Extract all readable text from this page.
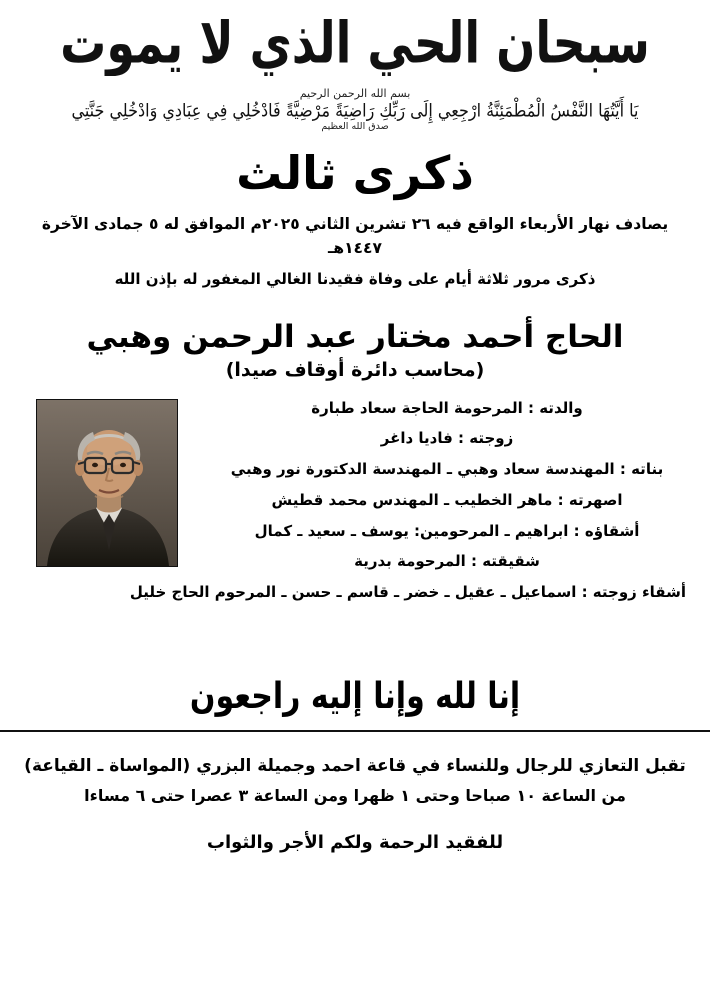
سبحان الحي الذي لا يموت
بسم الله الرحمن الرحيم
يَا أَيَّتُهَا النَّفْسُ الْمُطْمَئِنَّةُ ارْجِعِي إِلَى رَبِّكِ رَاضِيَةً مَرْضِيَّةً فَادْخُلِي فِي عِبَادِي وَادْخُلِي جَنَّتِي
صدق الله العظيم
ذكرى ثالث
يصادف نهار الأربعاء الواقع فيه ٢٦ تشرين الثاني ٢٠٢٥م الموافق له ٥ جمادى الآخرة ١٤٤٧هـ
ذكرى مرور ثلاثة أيام على وفاة فقيدنا الغالي المغفور له بإذن الله
الحاج أحمد مختار عبد الرحمن وهبي
(محاسب دائرة أوقاف صيدا)
والدته : المرحومة الحاجة سعاد طبارة
زوجته : فاديا داغر
بناته : المهندسة سعاد وهبي ـ المهندسة الدكتورة نور وهبي
اصهرته : ماهر الخطيب ـ المهندس محمد قطيش
أشقاؤه : ابراهيم ـ المرحومين: يوسف ـ سعيد ـ كمال
شقيقته : المرحومة بدرية
أشقاء زوجته : اسماعيل ـ عقيل ـ خضر ـ قاسم ـ حسن ـ المرحوم الحاج خليل
إنا لله وإنا إليه راجعون
تقبل التعازي للرجال وللنساء في قاعة احمد وجميلة البزري (المواساة ـ القياعة)
من الساعة ١٠ صباحا وحتى ١ ظهرا ومن الساعة ٣ عصرا حتى ٦ مساءا
للفقيد الرحمة ولكم الأجر والثواب
